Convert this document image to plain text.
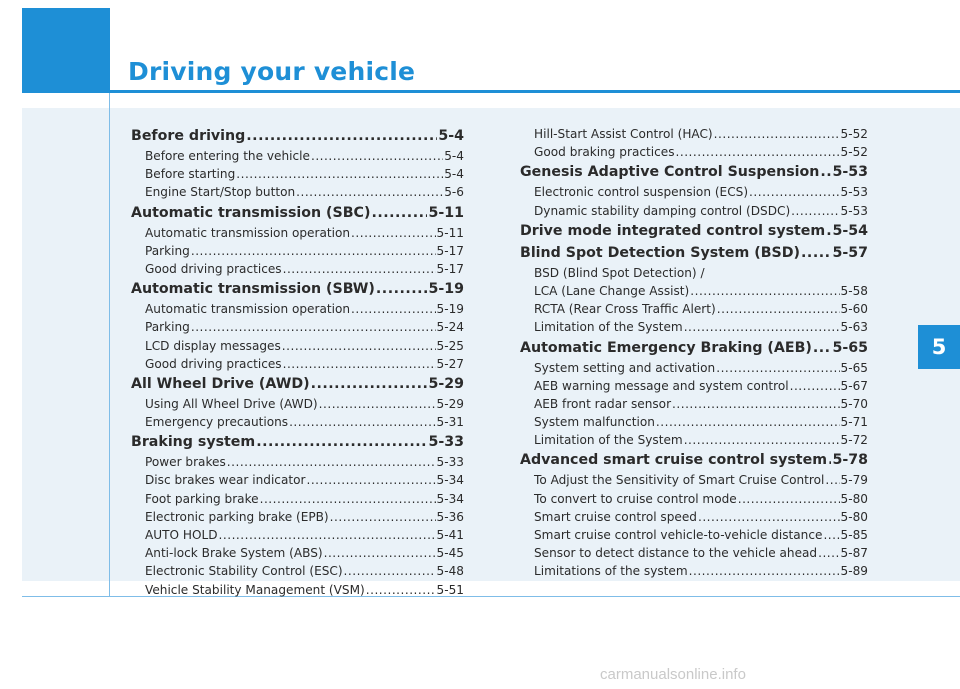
Driving your vehicle
5
Before driving .....	5-4
Before entering the vehicle .....	5-4
Before starting .....	5-4
Engine Start/Stop button .....	5-6
Automatic transmission (SBC) .....	5-11
Automatic transmission operation .....	5-11
Parking .....	5-17
Good driving practices .....	5-17
Automatic transmission (SBW) .....	5-19
Automatic transmission operation .....	5-19
Parking .....	5-24
LCD display messages .....	5-25
Good driving practices .....	5-27
All Wheel Drive (AWD) .....	5-29
Using All Wheel Drive (AWD) .....	5-29
Emergency precautions .....	5-31
Braking system .....	5-33
Power brakes .....	5-33
Disc brakes wear indicator .....	5-34
Foot parking brake .....	5-34
Electronic parking brake (EPB) .....	5-36
AUTO HOLD .....	5-41
Anti-lock Brake System (ABS) .....	5-45
Electronic Stability Control (ESC) .....	5-48
Vehicle Stability Management (VSM) .....	5-51
Hill-Start Assist Control (HAC) .....	5-52
Good braking practices .....	5-52
Genesis Adaptive Control Suspension ..... 5-53
Electronic control suspension (ECS) .....	5-53
Dynamic stability damping control (DSDC) .....	5-53
Drive mode integrated control system ..... 5-54
Blind Spot Detection System (BSD) ..... 5-57
BSD (Blind Spot Detection) /
LCA (Lane Change Assist) .....	5-58
RCTA (Rear Cross Traffic Alert) .....	5-60
Limitation of the System .....	5-63
Automatic Emergency Braking (AEB) ..... 5-65
System setting and activation .....	5-65
AEB warning message and system control .....	5-67
AEB front radar sensor .....	5-70
System malfunction .....	5-71
Limitation of the System .....	5-72
Advanced smart cruise control system ..... 5-78
To Adjust the Sensitivity of Smart Cruise Control ..... 5-79
To convert to cruise control mode .....	5-80
Smart cruise control speed .....	5-80
Smart cruise control vehicle-to-vehicle distance ..... 5-85
Sensor to detect distance to the vehicle ahead ..... 5-87
Limitations of the system .....	5-89
carmanualsonline.info
